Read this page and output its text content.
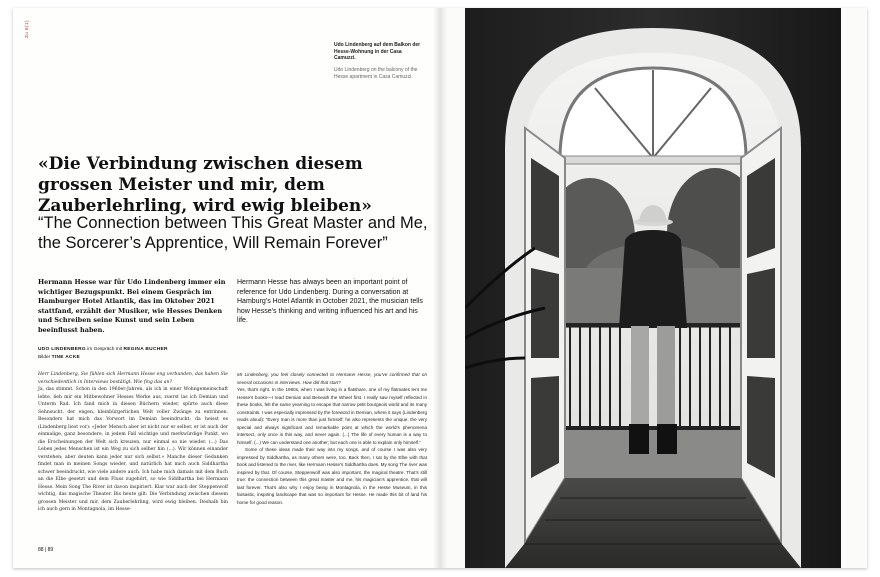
Zu 6(1)
Udo Lindenberg auf dem Balkon der Hesse-Wohnung in der Casa Camuzzi.
Udo Lindenberg on the balcony of the Hesse apartment in Casa Camuzzi.
«Die Verbindung zwischen diesem grossen Meister und mir, dem Zauberlehrling, wird ewig bleiben»
“The Connection between This Great Master and Me, the Sorcerer’s Apprentice, Will Remain Forever”
Hermann Hesse war für Udo Lindenberg immer ein wichtiger Bezugspunkt. Bei einem Gespräch im Hamburger Hotel Atlantik, das im Oktober 2021 stattfand, erzählt der Musiker, wie Hesses Denken und Schreiben seine Kunst und sein Leben beeinflusst haben.
Hermann Hesse has always been an important point of reference for Udo Lindenberg. During a conversation at Hamburg’s Hotel Atlantik in October 2021, the musician tells how Hesse’s thinking and writing influenced his art and his life.
UDO LINDENBERG im Gespräch mit REGINA BUCHER
Bilder TINE ACKE

Herr Lindenberg, Sie fühlen sich Hermann Hesse eng verbunden, das haben Sie verschiedentlich in Interviews bestätigt. Wie fing das an?

Ja, das stimmt. Schon in den 1960er-Jahren, als ich in einer Wohngemeinschaft lebte, lieh mir ein Mitbewohner Hesses Werke aus, zuerst las ich Demian und Unterm Rad. Ich fand mich in diesen Büchern wieder, spürte auch diese Sehnsucht, der engen, kleinbürgerlichen Welt voller Zwänge zu entrinnen. Besonders hat mich das Vorwort im Demian beeindruckt; da heisst es (Lindenberg liest vor): «Jeder Mensch aber ist nicht nur er selber, er ist auch der einmalige, ganz besondere, in jedem Fall wichtige und merkwürdige Punkt, wo die Erscheinungen der Welt sich kreuzen, nur einmal so nie wieder. (...) Das Leben jedes Menschen ist ein Weg zu sich selber hin (...). Wir können einander verstehen; aber deuten kann jeder nur sich selbst.» Manche dieser Gedanken findet man in meinen Songs wieder, und natürlich hat mich auch Siddhartha schwer beeindruckt, wie viele andere auch. Ich habe mich damals mit dem Buch an die Elbe gesetzt und dem Fluss zugehört, so wie Siddhartha bei Hermann Hesse. Mein Song The River ist davon inspiriert. Klar war auch der Steppenwolf wichtig, das magische Theater. Bis heute gilt: Die Verbindung zwischen diesem grossen Meister und mir, dem Zauberlehrling, wird ewig bleiben. Deshalb bin ich auch gern in Montagnola, im Hesse-

Mr Lindenberg, you feel closely connected to Hermann Hesse, you’ve confirmed that on several occasions in interviews. How did that start?

Yes, that’s right. In the 1960s, when I was living in a flatshare, one of my flatmates lent me Hesse’s books—I read Demian and Beneath the Wheel first. I really saw myself reflected in these books, felt the same yearning to escape that narrow petit bourgeois world and its many constraints. I was especially impressed by the foreword in Demian, where it says (Lindenberg reads aloud): “Every man is more than just himself; he also represents the unique, the very special and always significant and remarkable point at which the world’s phenomena intersect, only once in this way, and never again. (...) The life of every human is a way to himself. (...) We can understand one another; but each one is able to explain only himself.”

Some of these ideas made their way into my songs, and of course I was also very impressed by Siddhartha, as many others were, too. Back then, I sat by the Elbe with that book and listened to the river, like Hermann Hesse’s Siddhartha does. My song The river was inspired by that. Of course, Steppenwolf was also important, the magical theatre. That’s still true: the connection between this great master and me, his magician’s apprentice, that will last forever. That’s also why I enjoy being in Montagnola, in the Hesse Museum, in this fantastic, inspiring landscape that was so important for Hesse. He made this bit of land his home for good reason.

88 | 89
